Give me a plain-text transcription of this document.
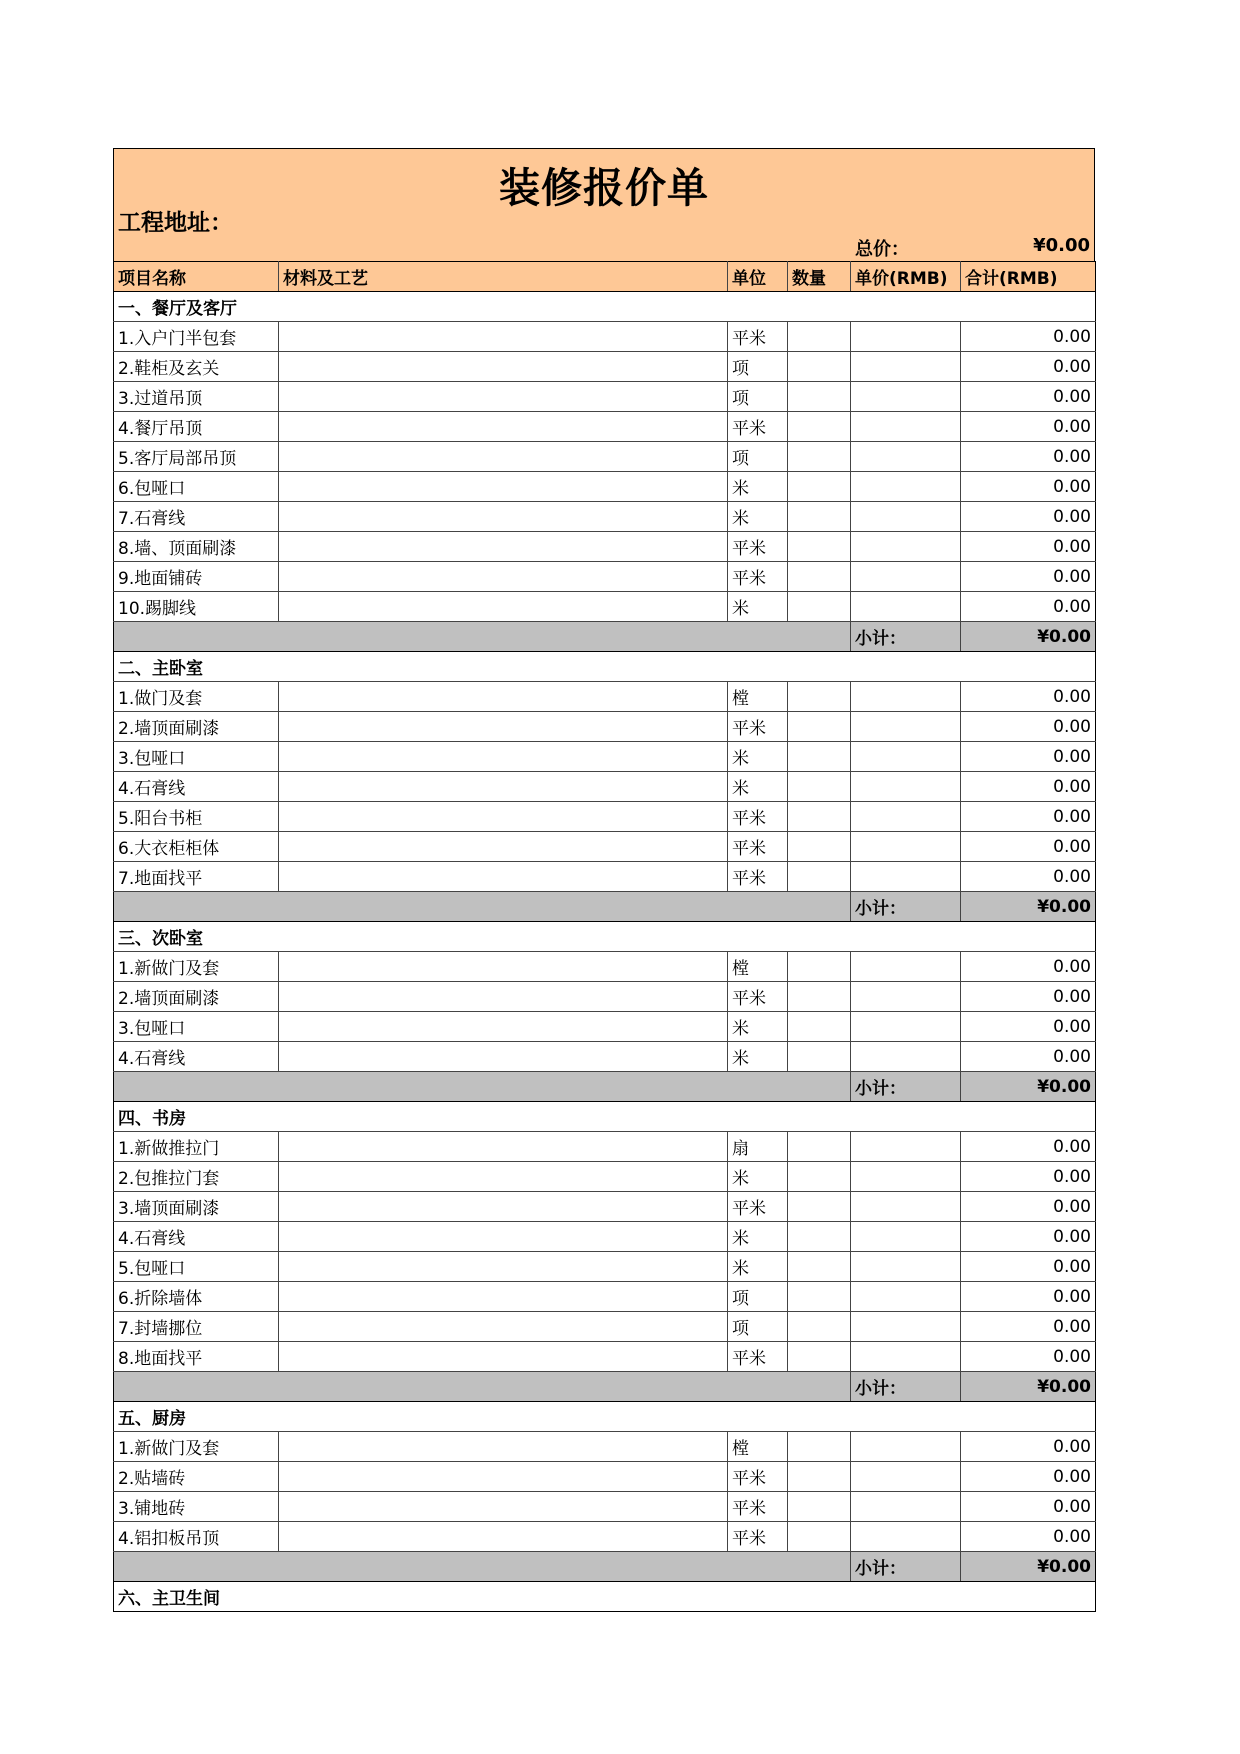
装修报价单
工程地址：
总价：	¥0.00
项目名称	材料及工艺	单位	数量	单价(RMB)	合计(RMB)
一、餐厅及客厅					
1.入户门半包套		平米			0.00
2.鞋柜及玄关		项			0.00
3.过道吊顶		项			0.00
4.餐厅吊顶		平米			0.00
5.客厅局部吊顶		项			0.00
6.包哑口		米			0.00
7.石膏线		米			0.00
8.墙、顶面刷漆		平米			0.00
9.地面铺砖		平米			0.00
10.踢脚线		米			0.00
				小计：	¥0.00
二、主卧室					
1.做门及套		樘			0.00
2.墙顶面刷漆		平米			0.00
3.包哑口		米			0.00
4.石膏线		米			0.00
5.阳台书柜		平米			0.00
6.大衣柜柜体		平米			0.00
7.地面找平		平米			0.00
				小计：	¥0.00
三、次卧室					
1.新做门及套		樘			0.00
2.墙顶面刷漆		平米			0.00
3.包哑口		米			0.00
4.石膏线		米			0.00
				小计：	¥0.00
四、书房					
1.新做推拉门		扇			0.00
2.包推拉门套		米			0.00
3.墙顶面刷漆		平米			0.00
4.石膏线		米			0.00
5.包哑口		米			0.00
6.折除墙体		项			0.00
7.封墙挪位		项			0.00
8.地面找平		平米			0.00
				小计：	¥0.00
五、厨房					
1.新做门及套		樘			0.00
2.贴墙砖		平米			0.00
3.铺地砖		平米			0.00
4.铝扣板吊顶		平米			0.00
				小计：	¥0.00
六、主卫生间					
